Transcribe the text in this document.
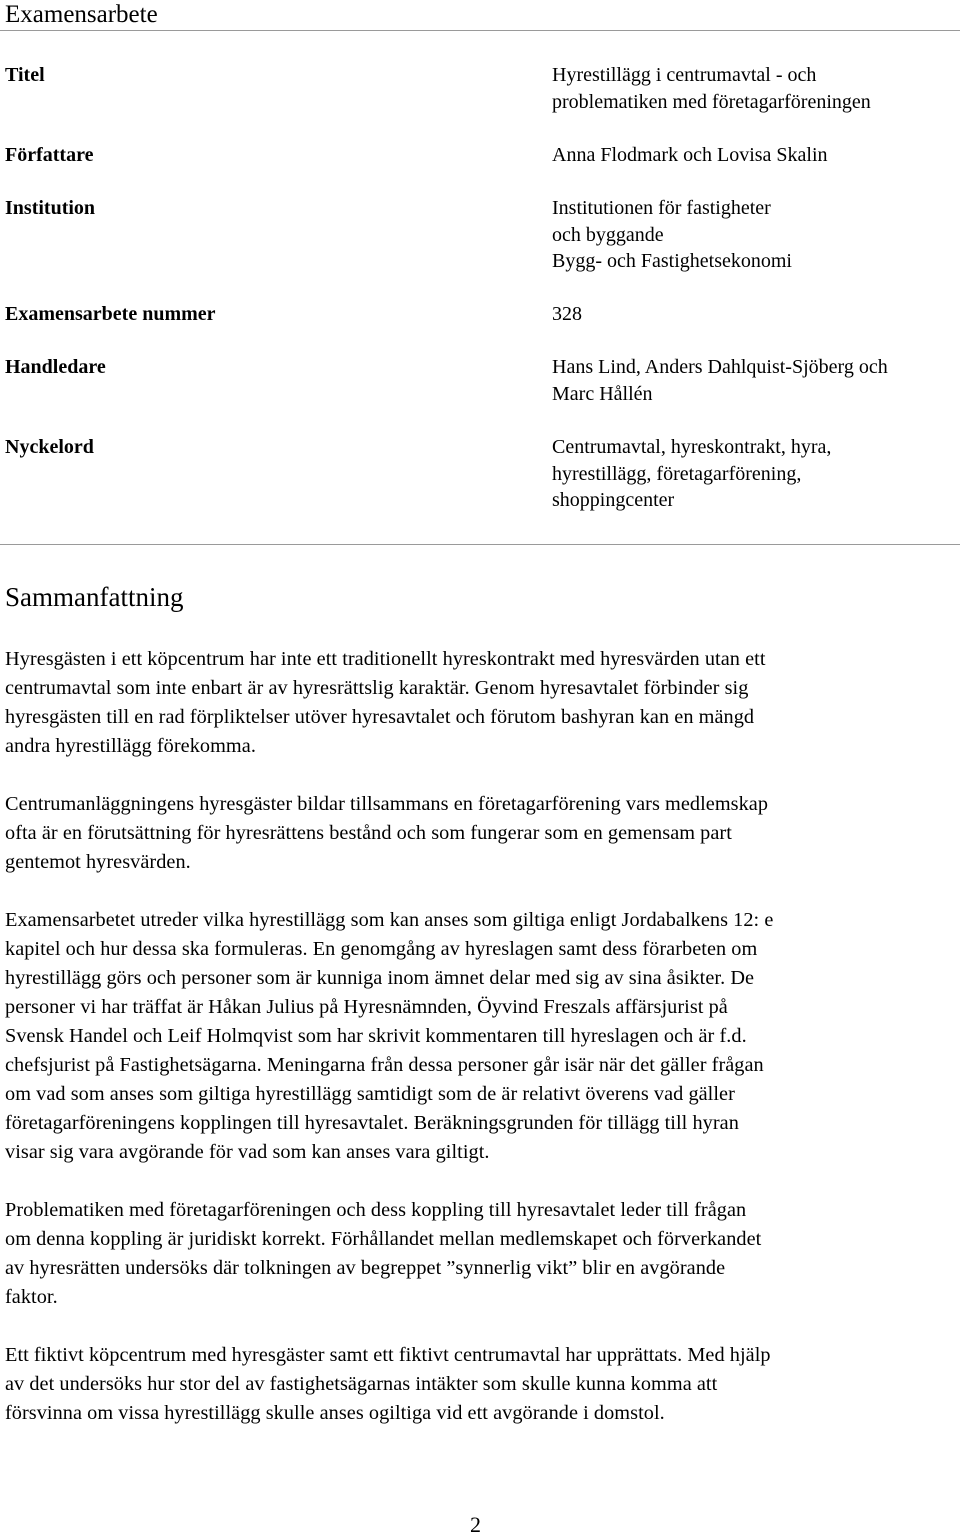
Examensarbete
Titel	Hyrestillägg i centrumavtal - och
problematiken med företagarföreningen
Författare	Anna Flodmark och Lovisa Skalin
Institution	Institutionen för fastigheter
och byggande
Bygg- och Fastighetsekonomi
Examensarbete nummer	328
Handledare	Hans Lind, Anders Dahlquist-Sjöberg och
Marc Hållén
Nyckelord	Centrumavtal, hyreskontrakt, hyra,
hyrestillägg, företagarförening,
shoppingcenter
Sammanfattning

Hyresgästen i ett köpcentrum har inte ett traditionellt hyreskontrakt med hyresvärden utan ett
centrumavtal som inte enbart är av hyresrättslig karaktär. Genom hyresavtalet förbinder sig
hyresgästen till en rad förpliktelser utöver hyresavtalet och förutom bashyran kan en mängd
andra hyrestillägg förekomma.

Centrumanläggningens hyresgäster bildar tillsammans en företagarförening vars medlemskap
ofta är en förutsättning för hyresrättens bestånd och som fungerar som en gemensam part
gentemot hyresvärden.

Examensarbetet utreder vilka hyrestillägg som kan anses som giltiga enligt Jordabalkens 12: e
kapitel och hur dessa ska formuleras. En genomgång av hyreslagen samt dess förarbeten om
hyrestillägg görs och personer som är kunniga inom ämnet delar med sig av sina åsikter. De
personer vi har träffat är Håkan Julius på Hyresnämnden, Öyvind Freszals affärsjurist på
Svensk Handel och Leif Holmqvist som har skrivit kommentaren till hyreslagen och är f.d.
chefsjurist på Fastighetsägarna. Meningarna från dessa personer går isär när det gäller frågan
om vad som anses som giltiga hyrestillägg samtidigt som de är relativt överens vad gäller
företagarföreningens kopplingen till hyresavtalet. Beräkningsgrunden för tillägg till hyran
visar sig vara avgörande för vad som kan anses vara giltigt.

Problematiken med företagarföreningen och dess koppling till hyresavtalet leder till frågan
om denna koppling är juridiskt korrekt. Förhållandet mellan medlemskapet och förverkandet
av hyresrätten undersöks där tolkningen av begreppet ”synnerlig vikt” blir en avgörande
faktor.

Ett fiktivt köpcentrum med hyresgäster samt ett fiktivt centrumavtal har upprättats. Med hjälp
av det undersöks hur stor del av fastighetsägarnas intäkter som skulle kunna komma att
försvinna om vissa hyrestillägg skulle anses ogiltiga vid ett avgörande i domstol.

2
